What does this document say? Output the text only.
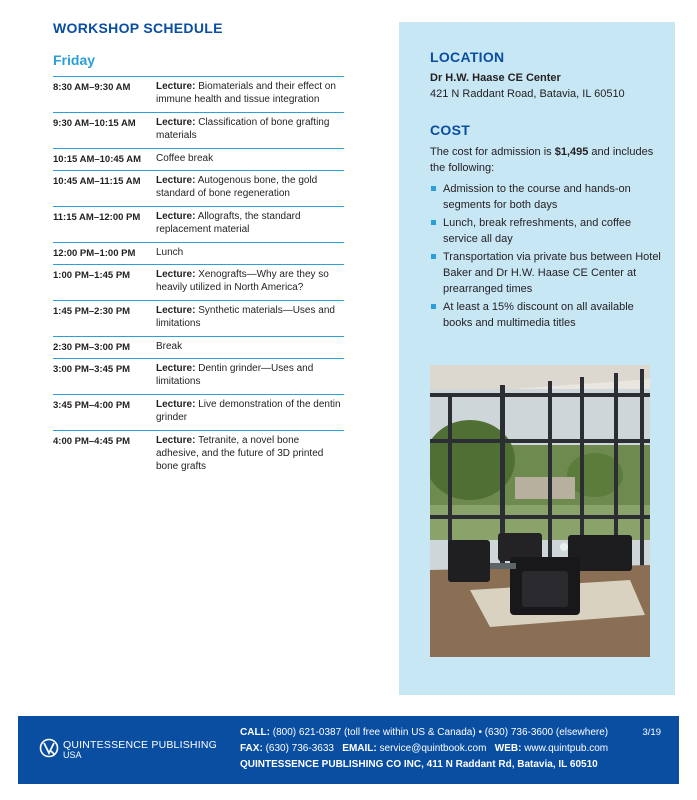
WORKSHOP SCHEDULE
Friday
8:30 AM–9:30 AM	Lecture: Biomaterials and their effect on immune health and tissue integration
9:30 AM–10:15 AM	Lecture: Classification of bone grafting materials
10:15 AM–10:45 AM	Coffee break
10:45 AM–11:15 AM	Lecture: Autogenous bone, the gold standard of bone regeneration
11:15 AM–12:00 PM	Lecture: Allografts, the standard replacement material
12:00 PM–1:00 PM	Lunch
1:00 PM–1:45 PM	Lecture: Xenografts—Why are they so heavily utilized in North America?
1:45 PM–2:30 PM	Lecture: Synthetic materials—Uses and limitations
2:30 PM–3:00 PM	Break
3:00 PM–3:45 PM	Lecture: Dentin grinder—Uses and limitations
3:45 PM–4:00 PM	Lecture: Live demonstration of the dentin grinder
4:00 PM–4:45 PM	Lecture: Tetranite, a novel bone adhesive, and the future of 3D printed bone grafts
LOCATION
Dr H.W. Haase CE Center
421 N Raddant Road, Batavia, IL 60510
COST
The cost for admission is $1,495 and includes the following:
Admission to the course and hands-on segments for both days
Lunch, break refreshments, and coffee service all day
Transportation via private bus between Hotel Baker and Dr H.W. Haase CE Center at prearranged times
At least a 15% discount on all available books and multimedia titles
QUINTESSENCE PUBLISHING
USA
CALL: (800) 621-0387 (toll free within US & Canada) • (630) 736-3600 (elsewhere)	3/19
FAX: (630) 736-3633 EMAIL: service@quintbook.com WEB: www.quintpub.com
QUINTESSENCE PUBLISHING CO INC, 411 N Raddant Rd, Batavia, IL 60510
